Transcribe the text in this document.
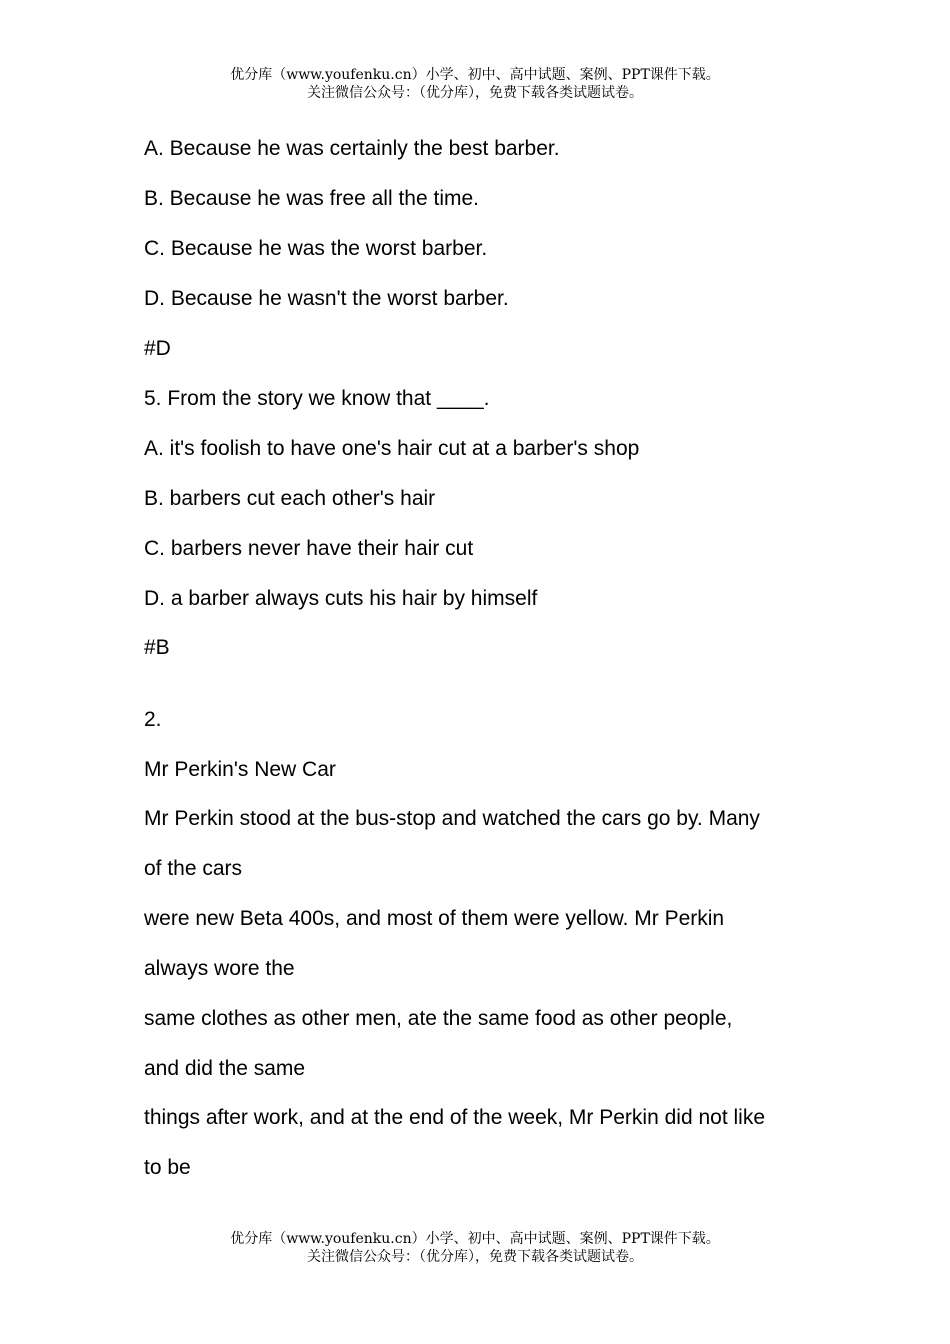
优分库（www.youfenku.cn）小学、初中、高中试题、案例、PPT课件下载。
关注微信公众号：（优分库），免费下载各类试题试卷。
A. Because he was certainly the best barber.
B. Because he was free all the time.
C. Because he was the worst barber.
D. Because he wasn't the worst barber.
#D
5. From the story we know that ____.
A. it's foolish to have one's hair cut at a barber's shop
B. barbers cut each other's hair
C. barbers never have their hair cut
D. a barber always cuts his hair by himself
#B
2.
Mr Perkin's New Car
Mr Perkin stood at the bus-stop and watched the cars go by. Many
of the cars
were new Beta 400s, and most of them were yellow. Mr Perkin
always wore the
same clothes as other men, ate the same food as other people,
and did the same
things after work, and at the end of the week, Mr Perkin did not like
to be
优分库（www.youfenku.cn）小学、初中、高中试题、案例、PPT课件下载。
关注微信公众号：（优分库），免费下载各类试题试卷。
